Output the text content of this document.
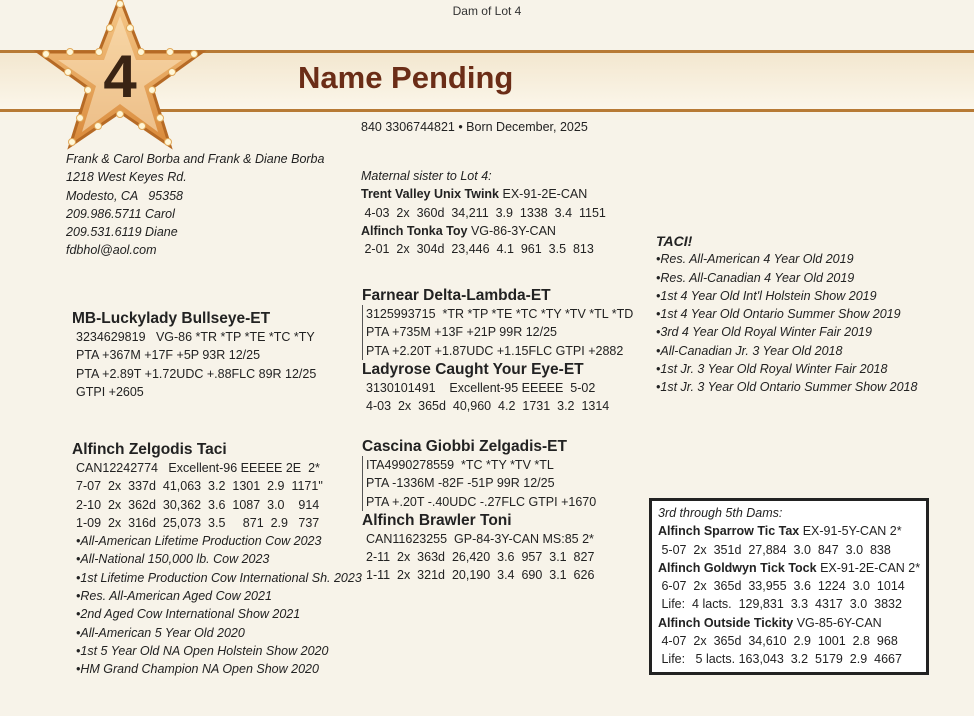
Dam of Lot 4
Name Pending
4
Frank & Carol Borba and Frank & Diane Borba
1218 West Keyes Rd.
Modesto, CA   95358
209.986.5711 Carol
209.531.6119 Diane
fdbhol@aol.com
840 3306744821 • Born December, 2025
Maternal sister to Lot 4:
Trent Valley Unix Twink EX-91-2E-CAN
4-03  2x  360d  34,211  3.9  1338  3.4  1151
Alfinch Tonka Toy VG-86-3Y-CAN
2-01  2x  304d  23,446  4.1  961  3.5  813
MB-Luckylady Bullseye-ET
3234629819   VG-86 *TR *TP *TE *TC *TY
PTA +367M +17F +5P 93R 12/25
PTA +2.89T +1.72UDC +.88FLC 89R 12/25
GTPI +2605
Alfinch Zelgodis Taci
CAN12242774   Excellent-96 EEEEE 2E  2*
7-07  2x  337d  41,063  3.2  1301  2.9  1171"
2-10  2x  362d  30,362  3.6  1087  3.0    914
1-09  2x  316d  25,073  3.5     871  2.9   737
•All-American Lifetime Production Cow 2023
•All-National 150,000 lb. Cow 2023
•1st Lifetime Production Cow International Sh. 2023
•Res. All-American Aged Cow 2021
•2nd Aged Cow International Show 2021
•All-American 5 Year Old 2020
•1st 5 Year Old NA Open Holstein Show 2020
•HM Grand Champion NA Open Show 2020
Farnear Delta-Lambda-ET
3125993715  *TR *TP *TE *TC *TY *TV *TL *TD
PTA +735M +13F +21P 99R 12/25
PTA +2.20T +1.87UDC +1.15FLC GTPI +2882
Ladyrose Caught Your Eye-ET
3130101491    Excellent-95 EEEEE  5-02
4-03  2x  365d  40,960  4.2  1731  3.2  1314
Cascina Giobbi Zelgadis-ET
ITA4990278559  *TC *TY *TV *TL
PTA -1336M -82F -51P 99R 12/25
PTA +.20T -.40UDC -.27FLC GTPI +1670
Alfinch Brawler Toni
CAN11623255  GP-84-3Y-CAN MS:85 2*
2-11  2x  363d  26,420  3.6  957  3.1  827
1-11  2x  321d  20,190  3.4  690  3.1  626
TACI!
•Res. All-American 4 Year Old 2019
•Res. All-Canadian 4 Year Old 2019
•1st 4 Year Old Int'l Holstein Show 2019
•1st 4 Year Old Ontario Summer Show 2019
•3rd 4 Year Old Royal Winter Fair 2019
•All-Canadian Jr. 3 Year Old 2018
•1st Jr. 3 Year Old Royal Winter Fair 2018
•1st Jr. 3 Year Old Ontario Summer Show 2018
3rd through 5th Dams:
Alfinch Sparrow Tic Tax EX-91-5Y-CAN 2*
5-07  2x  351d  27,884  3.0  847  3.0  838
Alfinch Goldwyn Tick Tock EX-91-2E-CAN 2*
6-07  2x  365d  33,955  3.6  1224  3.0  1014
Life:  4 lacts.  129,831  3.3  4317  3.0  3832
Alfinch Outside Tickity VG-85-6Y-CAN
4-07  2x  365d  34,610  2.9  1001  2.8  968
Life:   5 lacts. 163,043  3.2  5179  2.9  4667
